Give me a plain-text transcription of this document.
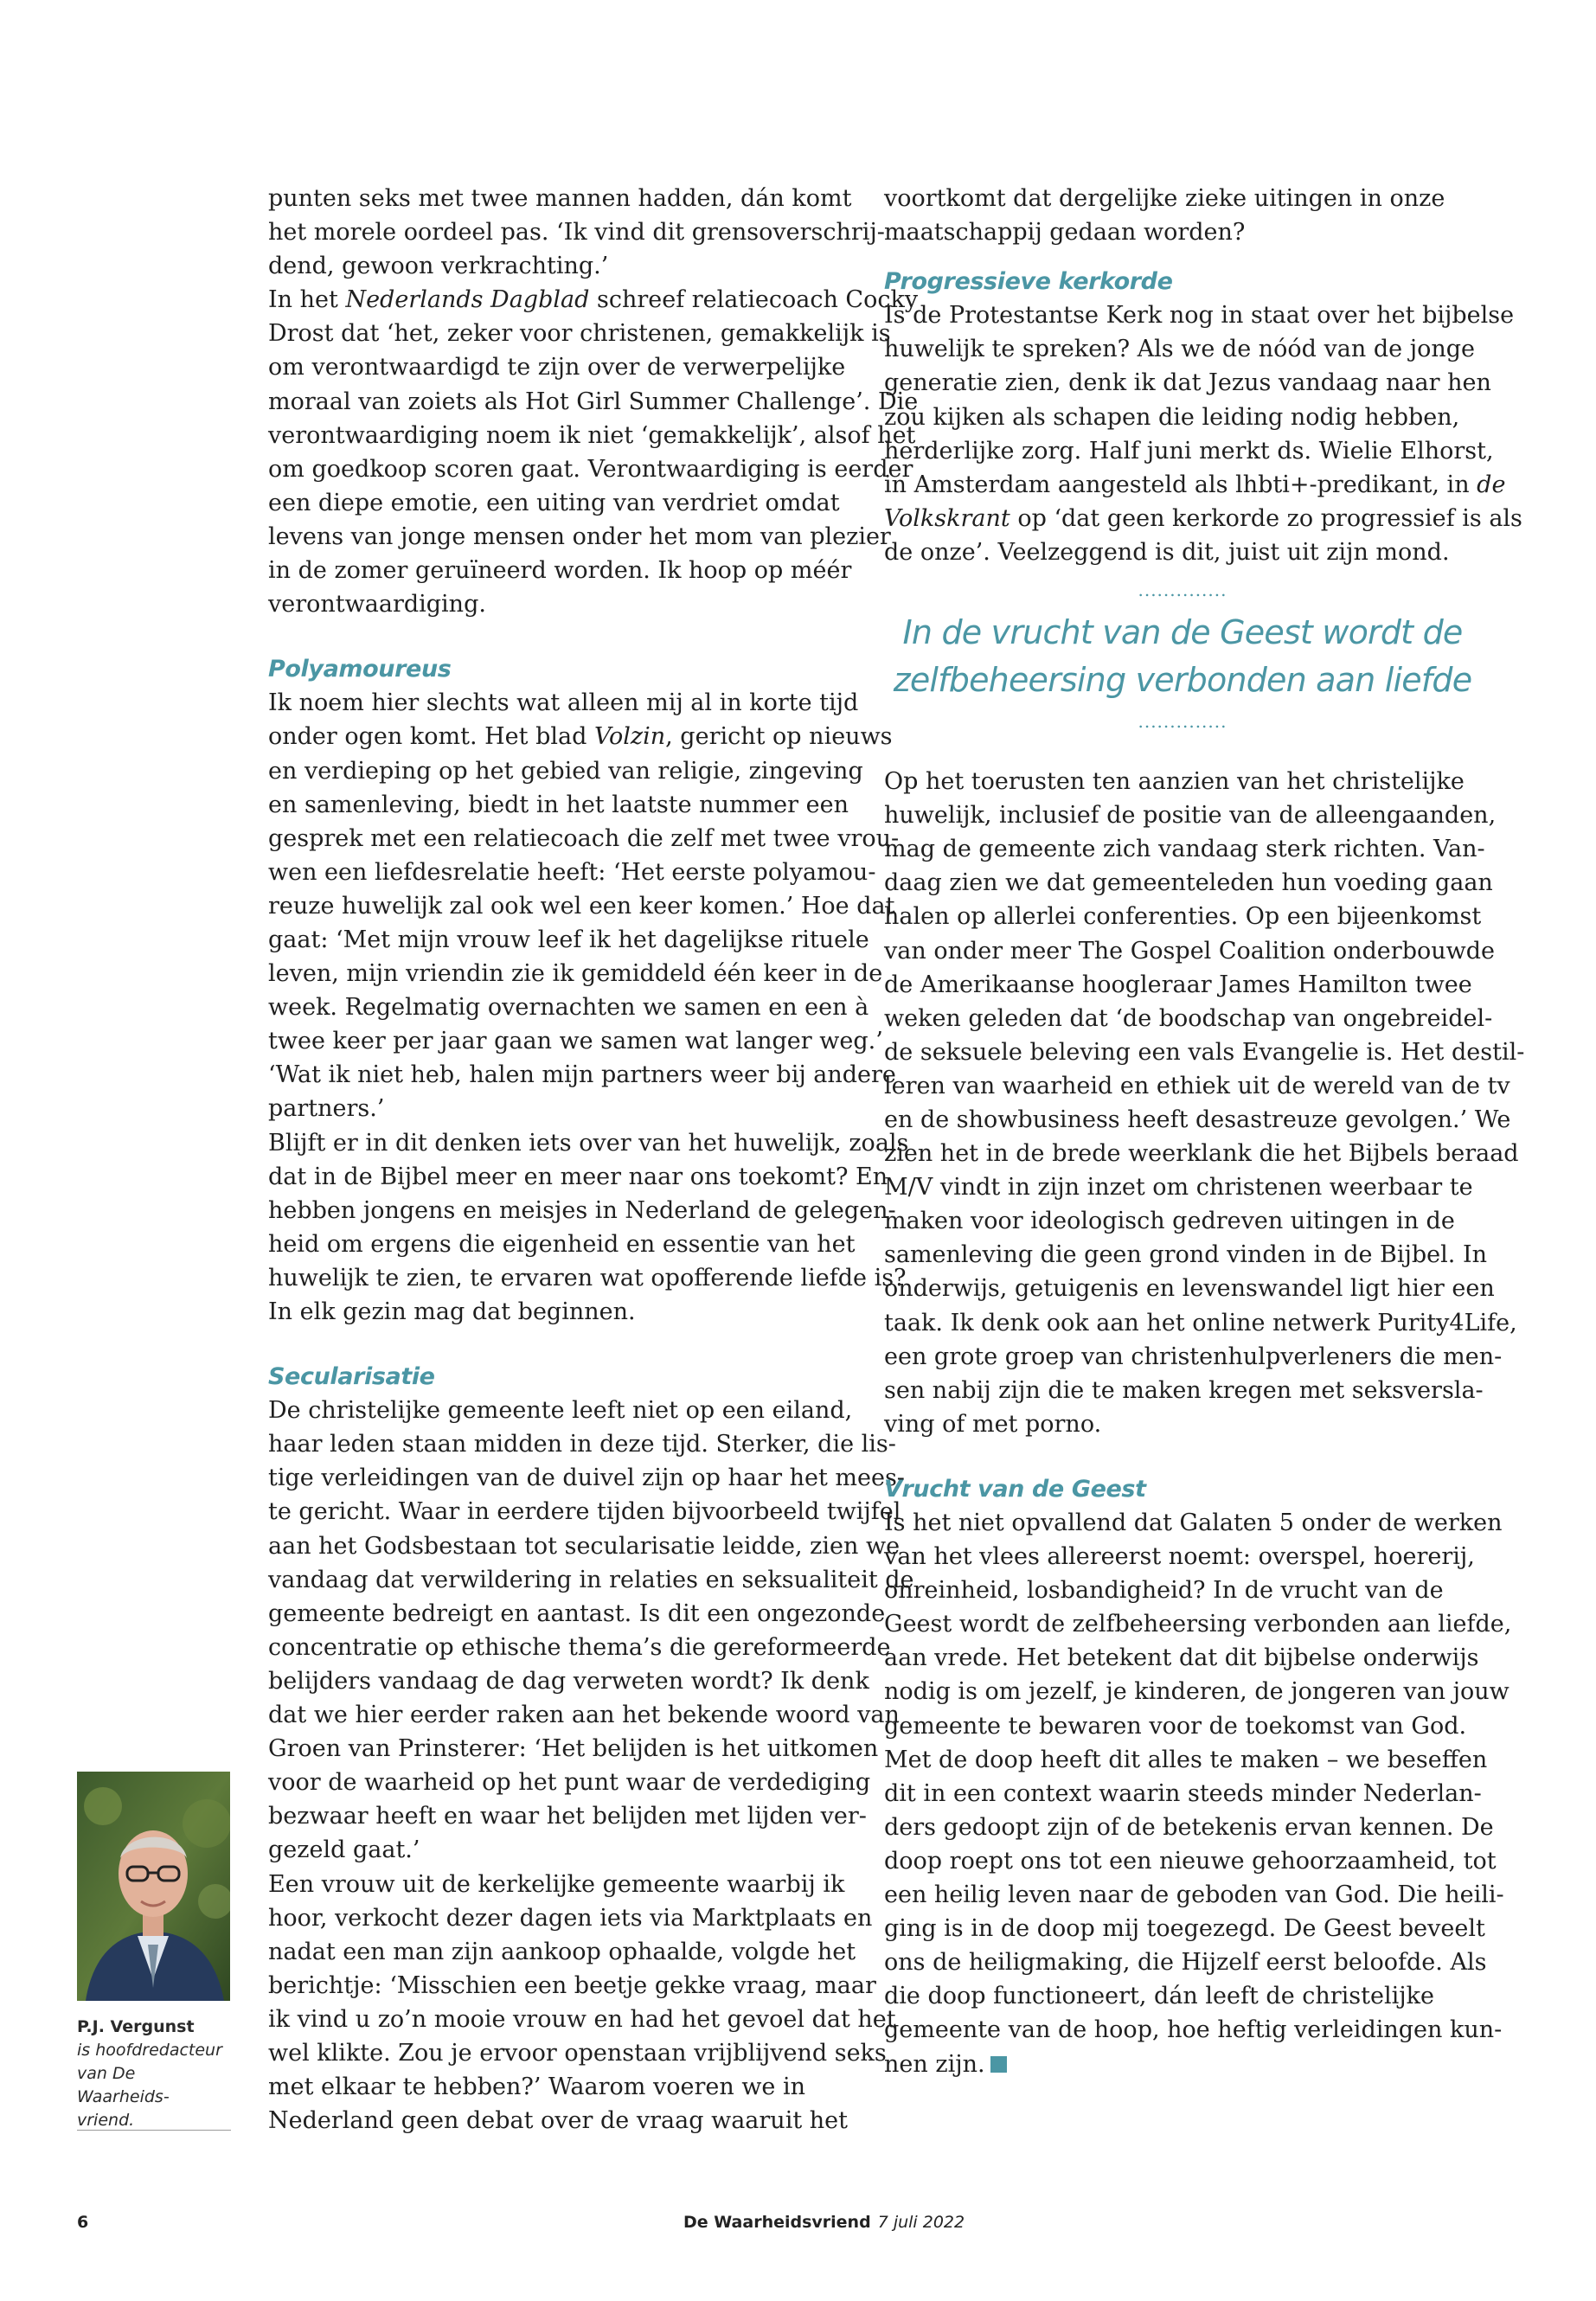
punten seks met twee mannen hadden, dán komt
het morele oordeel pas. ‘Ik vind dit grensoverschrij-
dend, gewoon verkrachting.’
In het Nederlands Dagblad schreef relatiecoach Cocky
Drost dat ‘het, zeker voor christenen, gemakkelijk is
om verontwaardigd te zijn over de verwerpelijke
moraal van zoiets als Hot Girl Summer Challenge’. Die
verontwaardiging noem ik niet ‘gemakkelijk’, alsof het
om goedkoop scoren gaat. Verontwaardiging is eerder
een diepe emotie, een uiting van verdriet omdat
levens van jonge mensen onder het mom van plezier
in de zomer geruïneerd worden. Ik hoop op méér
verontwaardiging.
Polyamoureus
Ik noem hier slechts wat alleen mij al in korte tijd
onder ogen komt. Het blad Volzin, gericht op nieuws
en verdieping op het gebied van religie, zingeving
en samenleving, biedt in het laatste nummer een
gesprek met een relatiecoach die zelf met twee vrou-
wen een liefdesrelatie heeft: ‘Het eerste polyamou-
reuze huwelijk zal ook wel een keer komen.’ Hoe dat
gaat: ‘Met mijn vrouw leef ik het dagelijkse rituele
leven, mijn vriendin zie ik gemiddeld één keer in de
week. Regelmatig overnachten we samen en een à
twee keer per jaar gaan we samen wat langer weg.’
‘Wat ik niet heb, halen mijn partners weer bij andere
partners.’
Blijft er in dit denken iets over van het huwelijk, zoals
dat in de Bijbel meer en meer naar ons toekomt? En
hebben jongens en meisjes in Nederland de gelegen-
heid om ergens die eigenheid en essentie van het
huwelijk te zien, te ervaren wat opofferende liefde is?
In elk gezin mag dat beginnen.
Secularisatie
De christelijke gemeente leeft niet op een eiland,
haar leden staan midden in deze tijd. Sterker, die lis-
tige verleidingen van de duivel zijn op haar het mees-
te gericht. Waar in eerdere tijden bijvoorbeeld twijfel
aan het Godsbestaan tot secularisatie leidde, zien we
vandaag dat verwildering in relaties en seksualiteit de
gemeente bedreigt en aantast. Is dit een ongezonde
concentratie op ethische thema’s die gereformeerde
belijders vandaag de dag verweten wordt? Ik denk
dat we hier eerder raken aan het bekende woord van
Groen van Prinsterer: ‘Het belijden is het uitkomen
voor de waarheid op het punt waar de verdediging
bezwaar heeft en waar het belijden met lijden ver-
gezeld gaat.’
Een vrouw uit de kerkelijke gemeente waarbij ik
hoor, verkocht dezer dagen iets via Marktplaats en
nadat een man zijn aankoop ophaalde, volgde het
berichtje: ‘Misschien een beetje gekke vraag, maar
ik vind u zo’n mooie vrouw en had het gevoel dat het
wel klikte. Zou je ervoor openstaan vrijblijvend seks
met elkaar te hebben?’ Waarom voeren we in
Nederland geen debat over de vraag waaruit het
voortkomt dat dergelijke zieke uitingen in onze
maatschappij gedaan worden?
Progressieve kerkorde
Is de Protestantse Kerk nog in staat over het bijbelse
huwelijk te spreken? Als we de nóód van de jonge
generatie zien, denk ik dat Jezus vandaag naar hen
zou kijken als schapen die leiding nodig hebben,
herderlijke zorg. Half juni merkt ds. Wielie Elhorst,
in Amsterdam aangesteld als lhbti+-predikant, in de
Volkskrant op ‘dat geen kerkorde zo progressief is als
de onze’. Veelzeggend is dit, juist uit zijn mond.
..............
In de vrucht van de Geest wordt de
zelfbeheersing verbonden aan liefde
..............
Op het toerusten ten aanzien van het christelijke
huwelijk, inclusief de positie van de alleengaanden,
mag de gemeente zich vandaag sterk richten. Van-
daag zien we dat gemeenteleden hun voeding gaan
halen op allerlei conferenties. Op een bijeenkomst
van onder meer The Gospel Coalition onderbouwde
de Amerikaanse hoogleraar James Hamilton twee
weken geleden dat ‘de boodschap van ongebreidel-
de seksuele beleving een vals Evangelie is. Het destil-
leren van waarheid en ethiek uit de wereld van de tv
en de showbusiness heeft desastreuze gevolgen.’ We
zien het in de brede weerklank die het Bijbels beraad
M/V vindt in zijn inzet om christenen weerbaar te
maken voor ideologisch gedreven uitingen in de
samenleving die geen grond vinden in de Bijbel. In
onderwijs, getuigenis en levenswandel ligt hier een
taak. Ik denk ook aan het online netwerk Purity4Life,
een grote groep van christenhulpverleners die men-
sen nabij zijn die te maken kregen met seksversla-
ving of met porno.
Vrucht van de Geest
Is het niet opvallend dat Galaten 5 onder de werken
van het vlees allereerst noemt: overspel, hoererij,
onreinheid, losbandigheid? In de vrucht van de
Geest wordt de zelfbeheersing verbonden aan liefde,
aan vrede. Het betekent dat dit bijbelse onderwijs
nodig is om jezelf, je kinderen, de jongeren van jouw
gemeente te bewaren voor de toekomst van God.
Met de doop heeft dit alles te maken – we beseffen
dit in een context waarin steeds minder Nederlan-
ders gedoopt zijn of de betekenis ervan kennen. De
doop roept ons tot een nieuwe gehoorzaamheid, tot
een heilig leven naar de geboden van God. Die heili-
ging is in de doop mij toegezegd. De Geest beveelt
ons de heiligmaking, die Hijzelf eerst beloofde. Als
die doop functioneert, dán leeft de christelijke
gemeente van de hoop, hoe heftig verleidingen kun-
nen zijn.
P.J. Vergunst
is hoofdredacteur
van De Waarheids-
vriend.
6	De Waarheidsvriend 7 juli 2022
